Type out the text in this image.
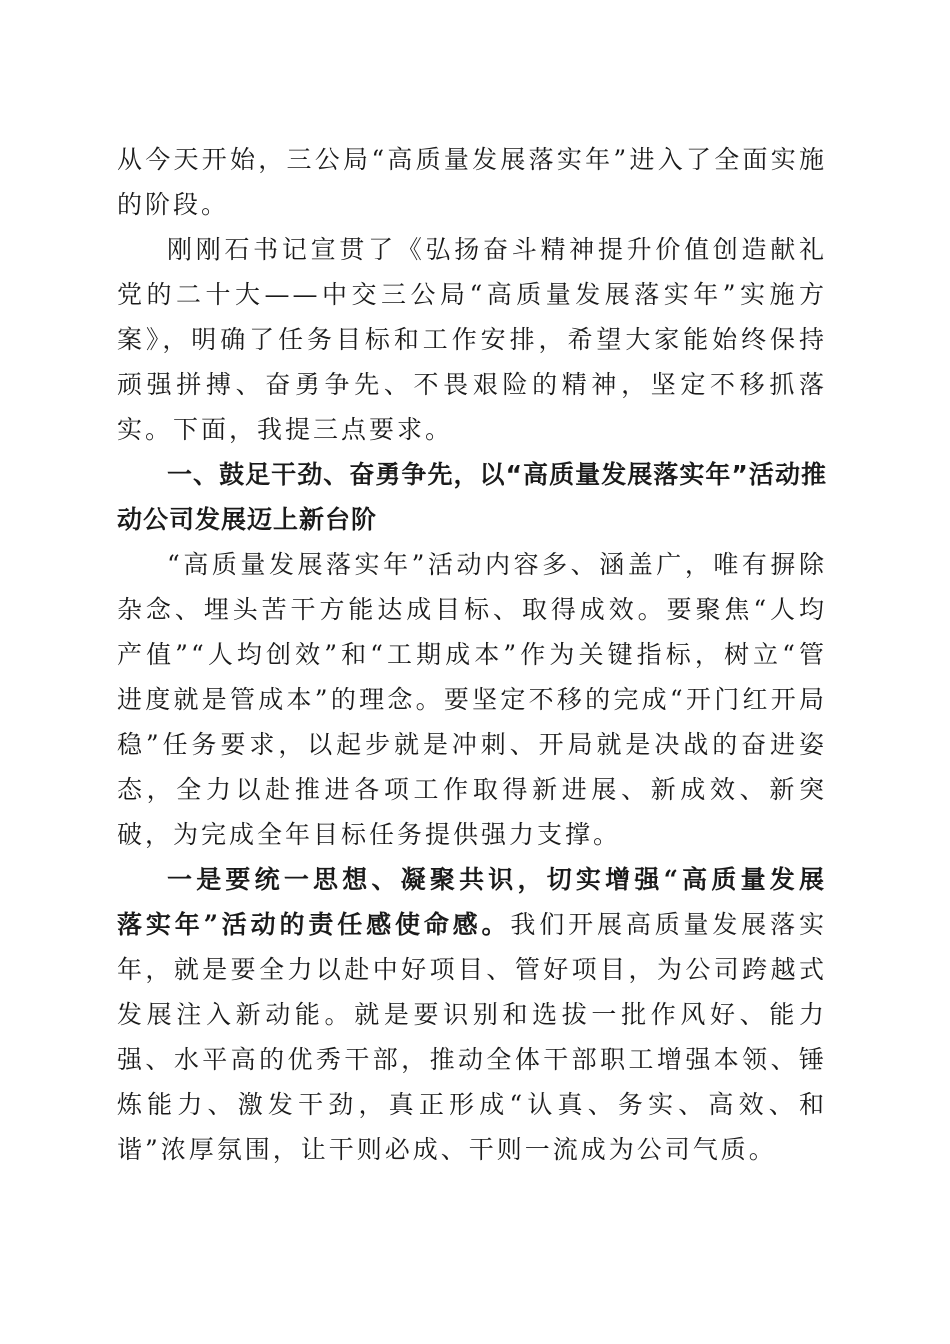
从今天开始，三公局“高质量发展落实年”进入了全面实施的阶段。

刚刚石书记宣贯了《弘扬奋斗精神提升价值创造献礼党的二十大——中交三公局“高质量发展落实年”实施方案》，明确了任务目标和工作安排，希望大家能始终保持顽强拼搏、奋勇争先、不畏艰险的精神，坚定不移抓落实。下面，我提三点要求。

一、鼓足干劲、奋勇争先，以“高质量发展落实年”活动推动公司发展迈上新台阶

“高质量发展落实年”活动内容多、涵盖广，唯有摒除杂念、埋头苦干方能达成目标、取得成效。要聚焦“人均产值”“人均创效”和“工期成本”作为关键指标，树立“管进度就是管成本”的理念。要坚定不移的完成“开门红开局稳”任务要求，以起步就是冲刺、开局就是决战的奋进姿态，全力以赴推进各项工作取得新进展、新成效、新突破，为完成全年目标任务提供强力支撑。

一是要统一思想、凝聚共识，切实增强“高质量发展落实年”活动的责任感使命感。我们开展高质量发展落实年，就是要全力以赴中好项目、管好项目，为公司跨越式发展注入新动能。就是要识别和选拔一批作风好、能力强、水平高的优秀干部，推动全体干部职工增强本领、锤炼能力、激发干劲，真正形成“认真、务实、高效、和谐”浓厚氛围，让干则必成、干则一流成为公司气质。
